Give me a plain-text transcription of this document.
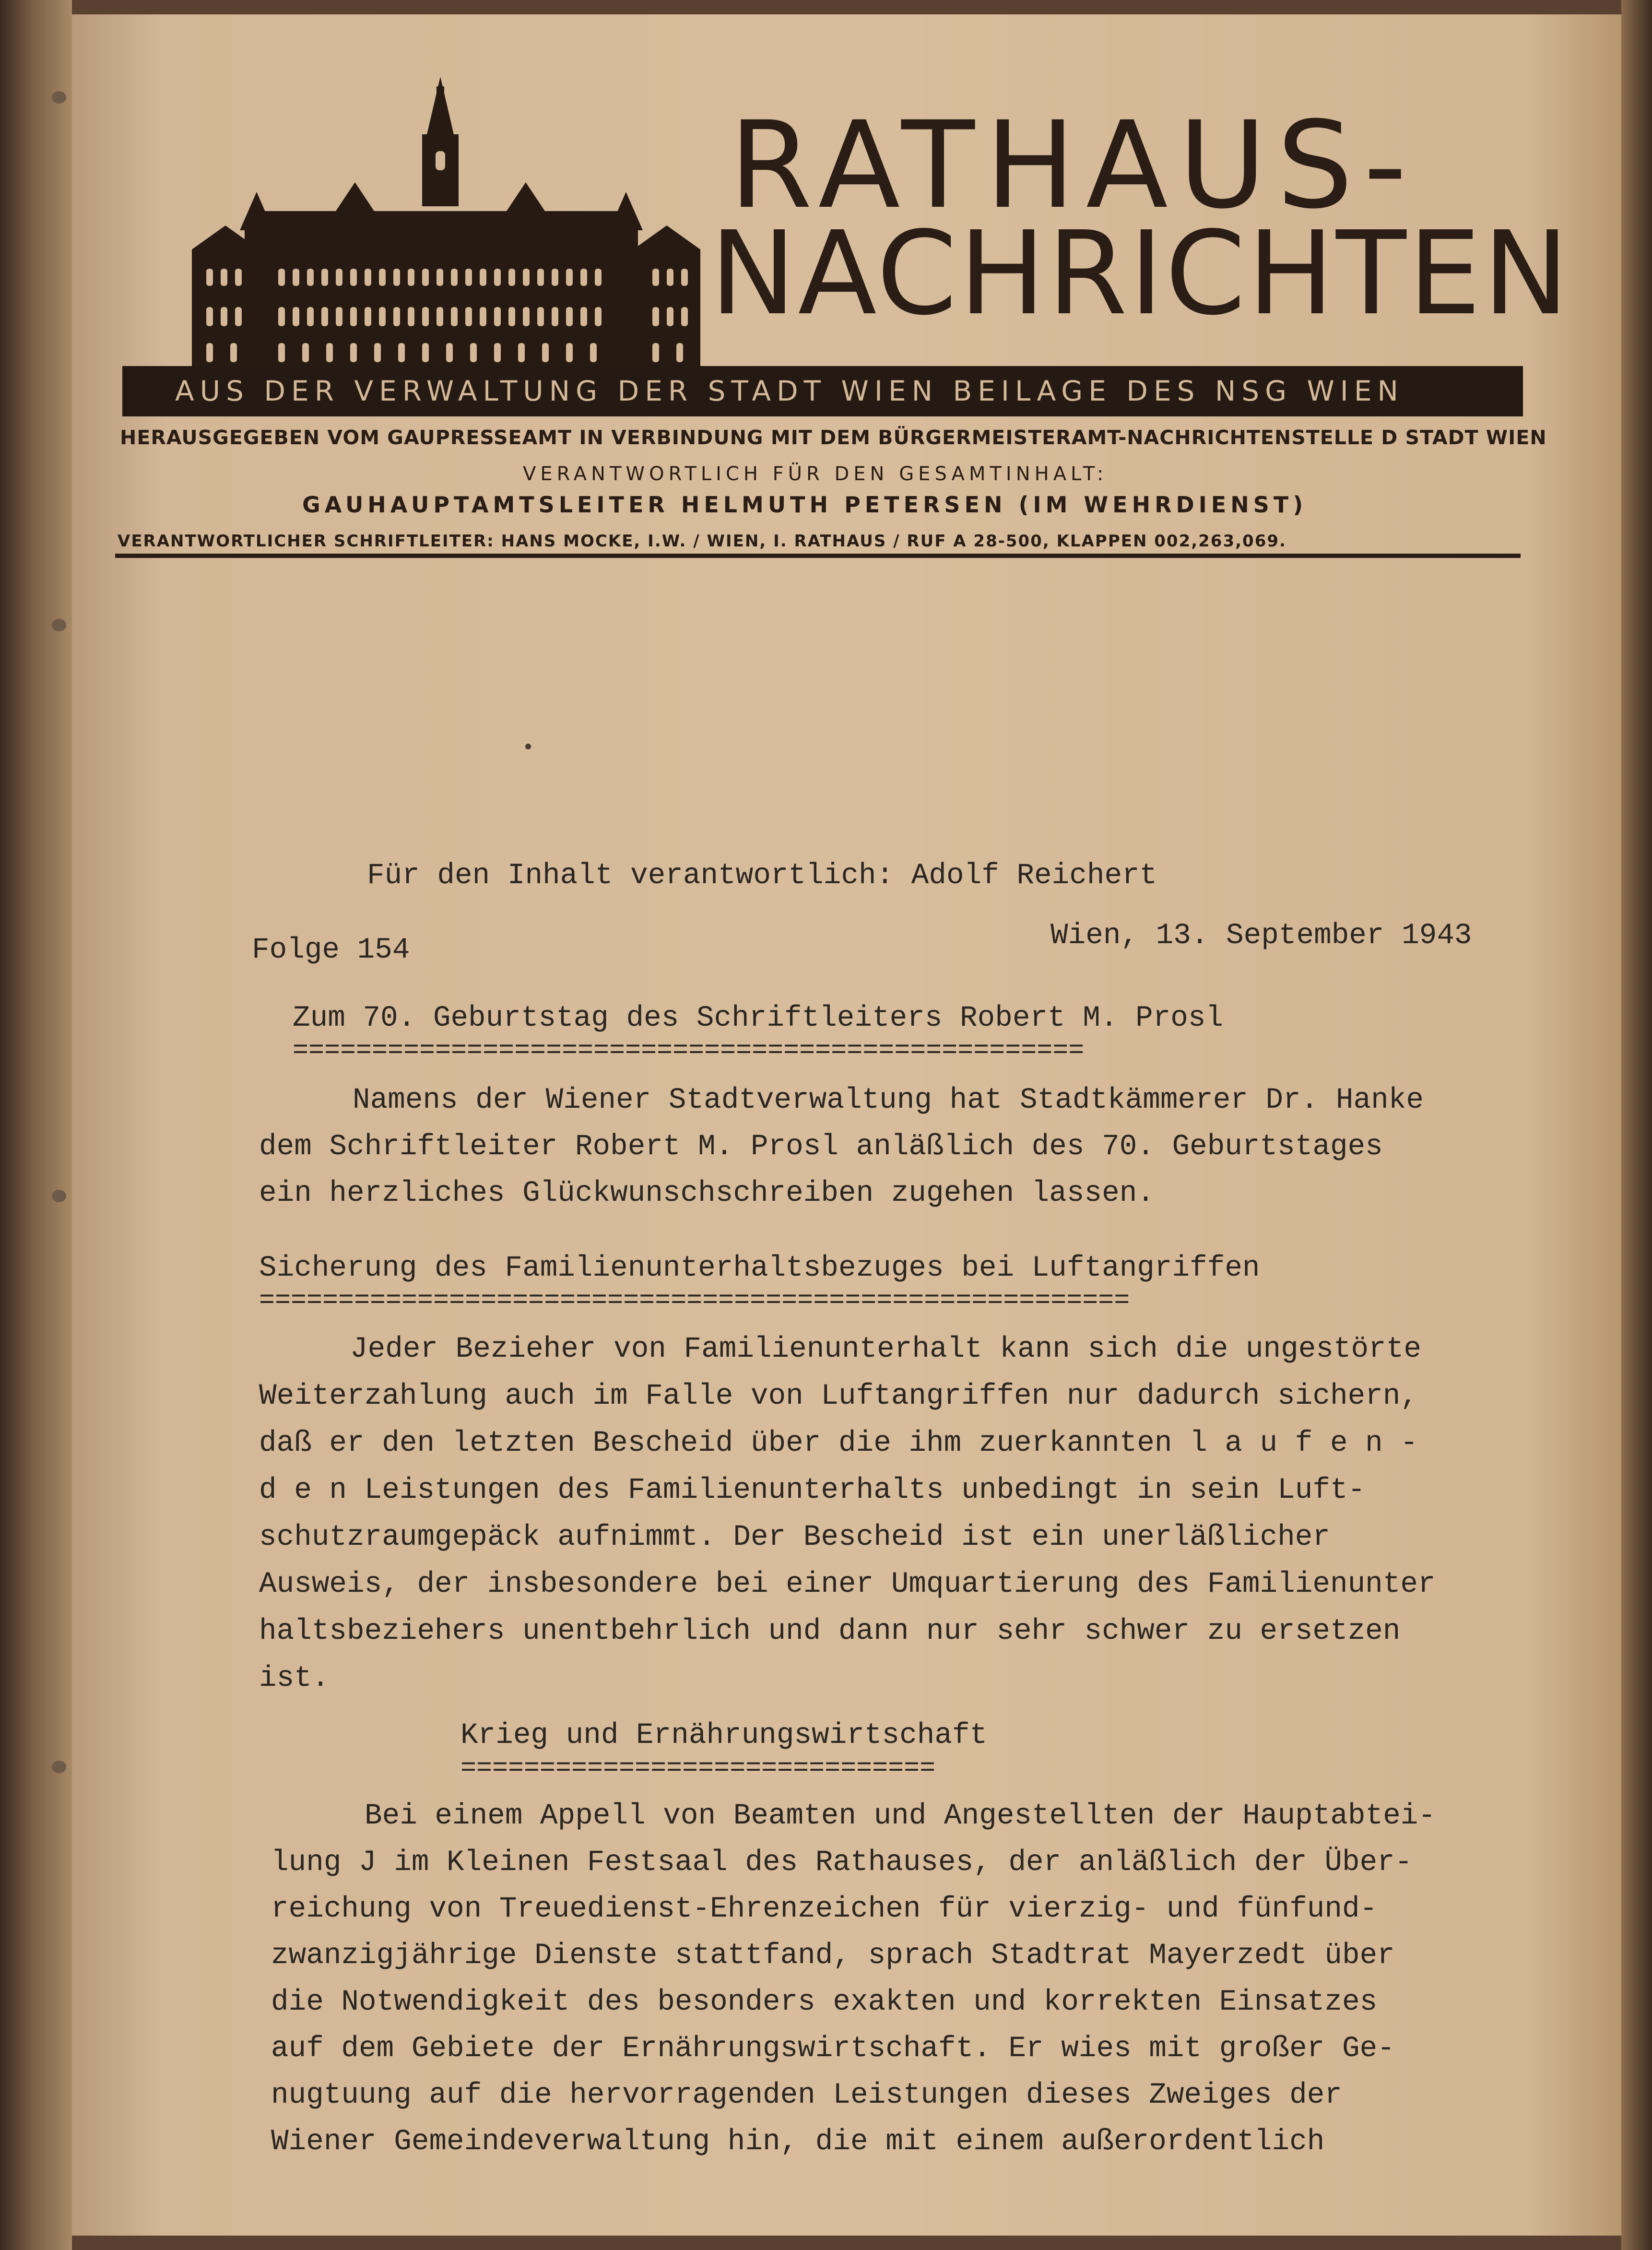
RATHAUS-
NACHRICHTEN
AUS DER VERWALTUNG DER STADT WIEN BEILAGE DES NSG WIEN
HERAUSGEGEBEN VOM GAUPRESSEAMT IN VERBINDUNG MIT DEM BÜRGERMEISTERAMT-NACHRICHTENSTELLE D STADT WIEN
VERANTWORTLICH FÜR DEN GESAMTINHALT:
GAUHAUPTAMTSLEITER HELMUTH PETERSEN (IM WEHRDIENST)
VERANTWORTLICHER SCHRIFTLEITER: HANS MOCKE, I.W. / WIEN, I. RATHAUS / RUF A 28-500, KLAPPEN 002,263,069.
Für den Inhalt verantwortlich: Adolf Reichert
Folge 154	Wien, 13. September 1943
Zum 70. Geburtstag des Schriftleiters Robert M. Prosl
==================================================
Namens der Wiener Stadtverwaltung hat Stadtkämmerer Dr. Hanke
dem Schriftleiter Robert M. Prosl anläßlich des 70. Geburtstages
ein herzliches Glückwunschschreiben zugehen lassen.
Sicherung des Familienunterhaltsbezuges bei Luftangriffen
=======================================================
Jeder Bezieher von Familienunterhalt kann sich die ungestörte
Weiterzahlung auch im Falle von Luftangriffen nur dadurch sichern,
daß er den letzten Bescheid über die ihm zuerkannten l a u f e n -
d e n Leistungen des Familienunterhalts unbedingt in sein Luft-
schutzraumgepäck aufnimmt. Der Bescheid ist ein unerläßlicher
Ausweis, der insbesondere bei einer Umquartierung des Familienunter
haltsbeziehers unentbehrlich und dann nur sehr schwer zu ersetzen
ist.
Krieg und Ernährungswirtschaft
==============================
Bei einem Appell von Beamten und Angestellten der Hauptabtei-
lung J im Kleinen Festsaal des Rathauses, der anläßlich der Über-
reichung von Treuedienst-Ehrenzeichen für vierzig- und fünfund-
zwanzigjährige Dienste stattfand, sprach Stadtrat Mayerzedt über
die Notwendigkeit des besonders exakten und korrekten Einsatzes
auf dem Gebiete der Ernährungswirtschaft. Er wies mit großer Ge-
nugtuung auf die hervorragenden Leistungen dieses Zweiges der
Wiener Gemeindeverwaltung hin, die mit einem außerordentlich
